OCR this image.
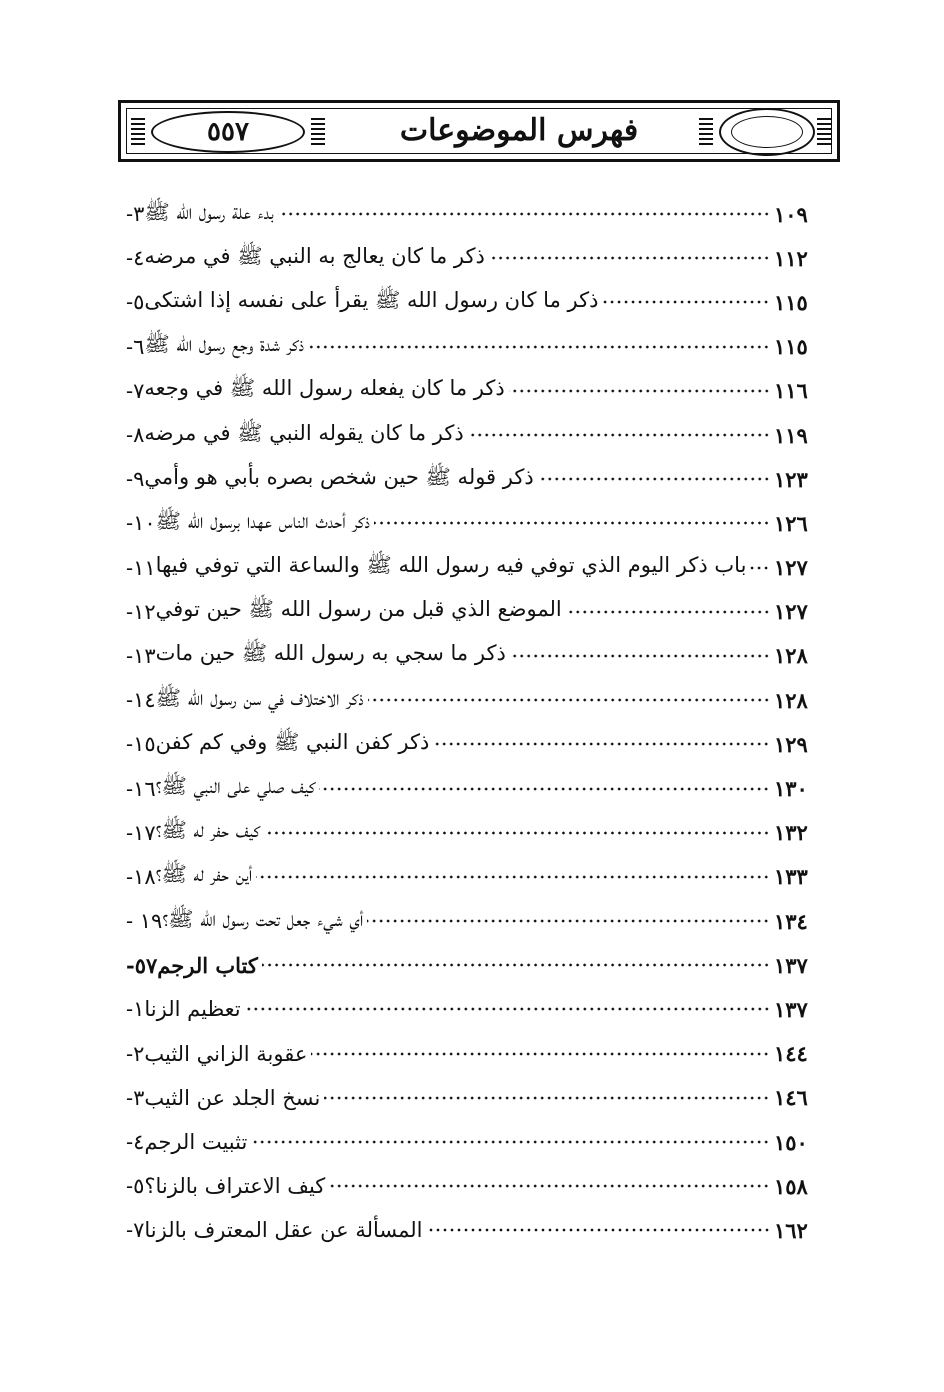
٥٥٧	فهرس الموضوعات
٣- بدء علة رسول الله ﷺ	١٠٩
٤- ذكر ما كان يعالج به النبي ﷺ في مرضه	١١٢
٥- ذكر ما كان رسول الله ﷺ يقرأ على نفسه إذا اشتكى	١١٥
٦- ذكر شدة وجع رسول الله ﷺ	١١٥
٧- ذكر ما كان يفعله رسول الله ﷺ في وجعه	١١٦
٨- ذكر ما كان يقوله النبي ﷺ في مرضه	١١٩
٩- ذكر قوله ﷺ حين شخص بصره بأبي هو وأمي	١٢٣
١٠- ذكر أحدث الناس عهدا برسول الله ﷺ	١٢٦
١١- باب ذكر اليوم الذي توفي فيه رسول الله ﷺ والساعة التي توفي فيها ١٢٧
١٢- الموضع الذي قبل من رسول الله ﷺ حين توفي	١٢٧
١٣- ذكر ما سجي به رسول الله ﷺ حين مات	١٢٨
١٤- ذكر الاختلاف في سن رسول الله ﷺ	١٢٨
١٥- ذكر كفن النبي ﷺ وفي كم كفن	١٢٩
١٦- كيف صلي على النبي ﷺ؟	١٣٠
١٧- كيف حفر له ﷺ؟	١٣٢
١٨- أين حفر له ﷺ؟	١٣٣
١٩ - أي شيء جعل تحت رسول الله ﷺ؟	١٣٤
٥٧- كتاب الرجم	١٣٧
١- تعظيم الزنا	١٣٧
٢- عقوبة الزاني الثيب	١٤٤
٣- نسخ الجلد عن الثيب	١٤٦
٤- تثبيت الرجم	١٥٠
٥- كيف الاعتراف بالزنا؟	١٥٨
٧- المسألة عن عقل المعترف بالزنا	١٦٢
